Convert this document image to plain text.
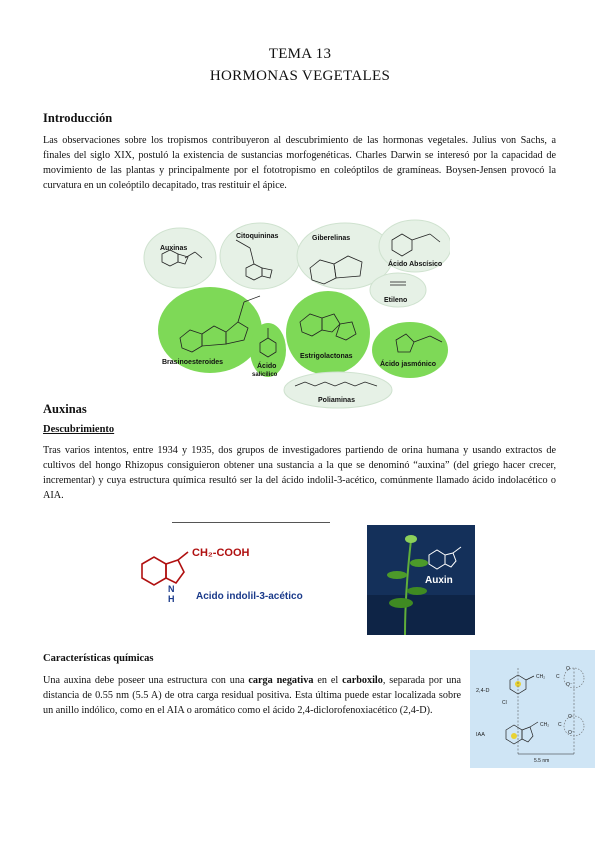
TEMA 13
HORMONAS VEGETALES
Introducción

Las observaciones sobre los tropismos contribuyeron al descubrimiento de las hormonas vegetales. Julius von Sachs, a finales del siglo XIX, postuló la existencia de sustancias morfogenéticas. Charles Darwin se interesó por la capacidad de movimiento de las plantas y principalmente por el fototropismo en coleóptilos de gramíneas. Boysen-Jensen provocó la curvatura en un coleóptilo decapitado, tras restituir el ápice.

Auxinas
Citoquininas	Giberelinas
Ácido Abscísico
Etileno
Brasinoesteroides
Ácido
salicílico
Estrigolactonas
Ácido jasmónico
Poliaminas
Auxinas
Descubrimiento

Tras varios intentos, entre 1934 y 1935, dos grupos de investigadores partiendo de orina humana y usando extractos de cultivos del hongo Rhizopus consiguieron obtener una sustancia a la que se denominó “auxina” (del griego hacer crecer, incrementar) y cuya estructura química resultó ser la del ácido indolil-3-acético, comúnmente llamado ácido indolacético o AIA.

CH₂-COOH
N
H Acido indolil-3-acético
Auxin
Características químicas

Una auxina debe poseer una estructura con una carga negativa en el carboxilo, separada por una distancia de 0.55 nm (5.5 A) de otra carga residual positiva. Esta última puede estar localizada sobre un anillo indólico, como en el AIA o aromático como el ácido 2,4-diclorofenoxiacético (2,4-D).

2,4-D
IAA
Cl
CH₂ C
O
O⁻
CH₂ C
O
O⁻
5.5 nm
